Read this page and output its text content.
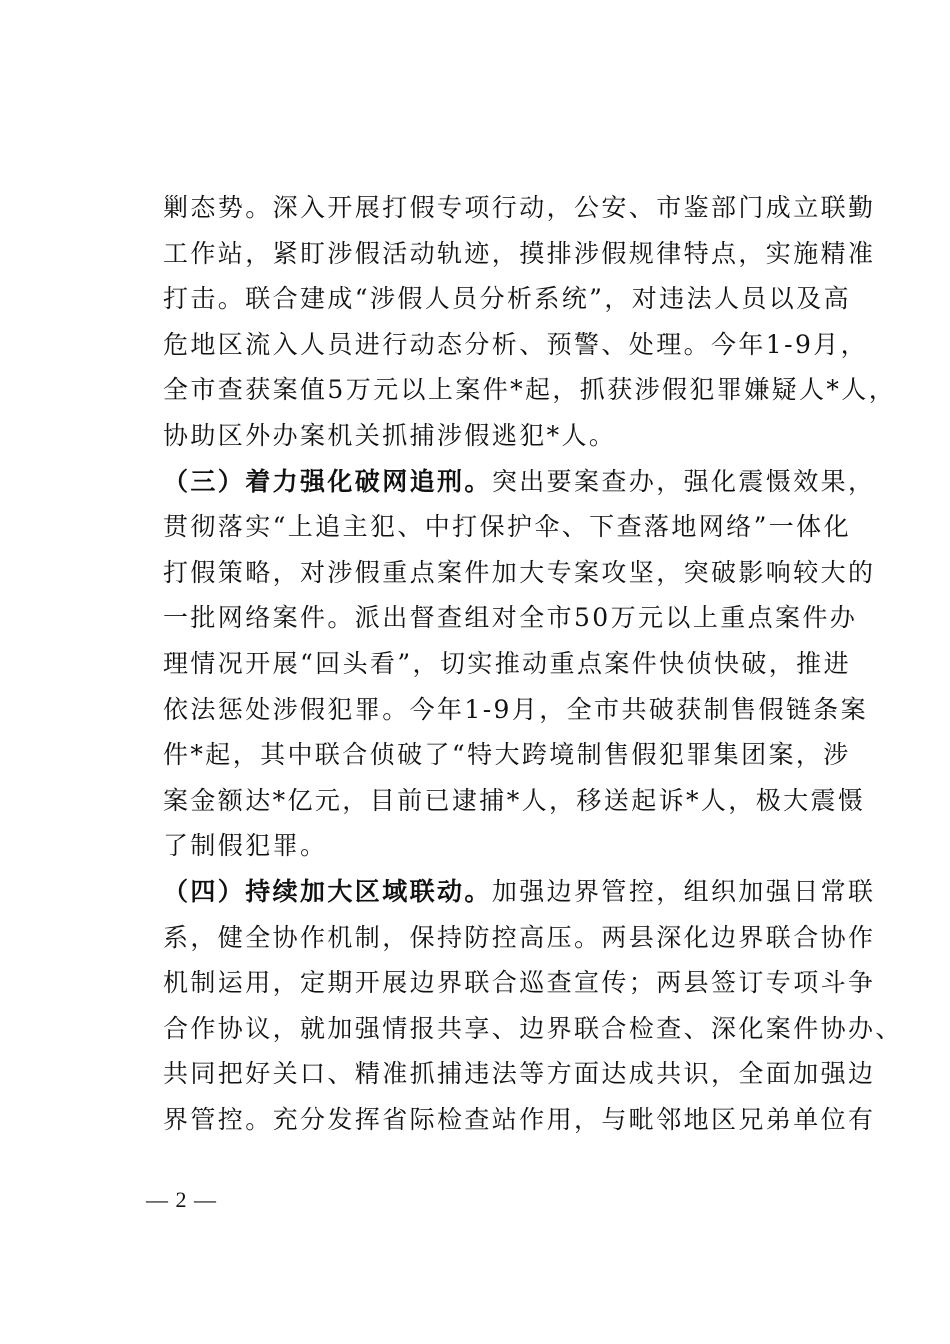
剿态势。深入开展打假专项行动，公安、市鉴部门成立联勤
工作站，紧盯涉假活动轨迹，摸排涉假规律特点，实施精准
打击。联合建成“涉假人员分析系统”，对违法人员以及高
危地区流入人员进行动态分析、预警、处理。今年1-9月，
全市查获案值5万元以上案件*起，抓获涉假犯罪嫌疑人*人，
协助区外办案机关抓捕涉假逃犯*人。
（三）着力强化破网追刑。突出要案查办，强化震慑效果，
贯彻落实“上追主犯、中打保护伞、下查落地网络”一体化
打假策略，对涉假重点案件加大专案攻坚，突破影响较大的
一批网络案件。派出督查组对全市50万元以上重点案件办
理情况开展“回头看”，切实推动重点案件快侦快破，推进
依法惩处涉假犯罪。今年1-9月，全市共破获制售假链条案
件*起，其中联合侦破了“特大跨境制售假犯罪集团案，涉
案金额达*亿元，目前已逮捕*人，移送起诉*人，极大震慑
了制假犯罪。
（四）持续加大区域联动。加强边界管控，组织加强日常联
系，健全协作机制，保持防控高压。两县深化边界联合协作
机制运用，定期开展边界联合巡查宣传；两县签订专项斗争
合作协议，就加强情报共享、边界联合检查、深化案件协办、
共同把好关口、精准抓捕违法等方面达成共识，全面加强边
界管控。充分发挥省际检查站作用，与毗邻地区兄弟单位有
— 2 —
